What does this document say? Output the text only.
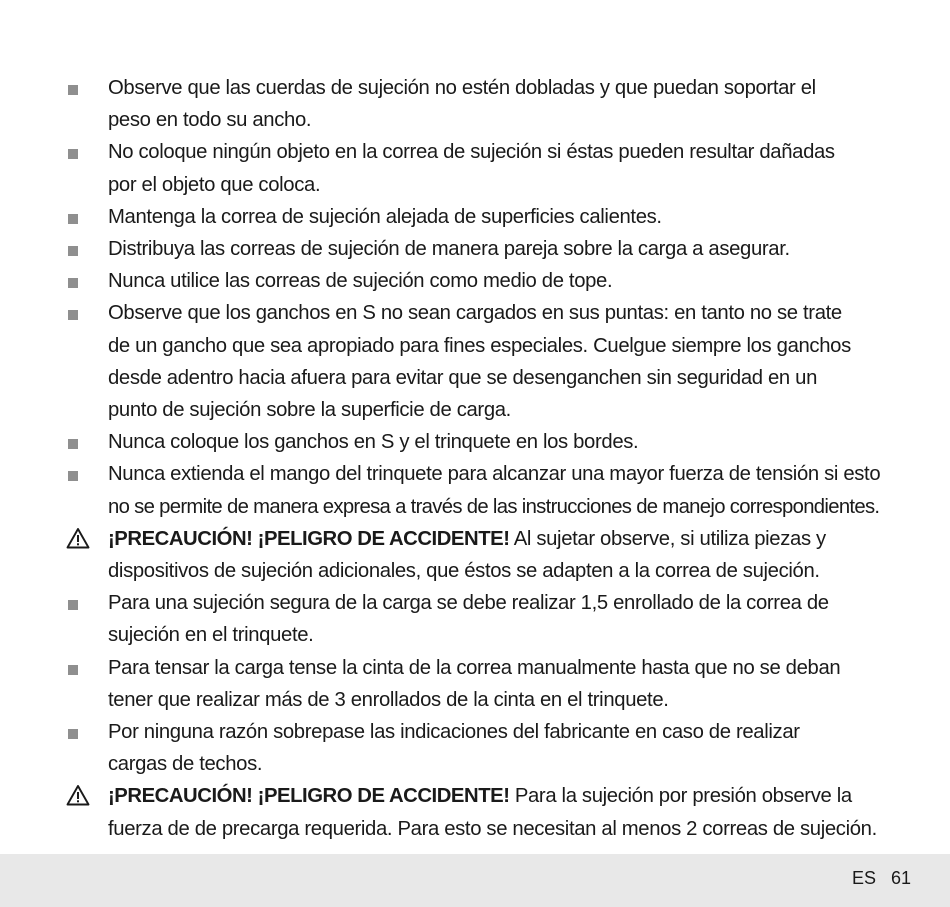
Observe que las cuerdas de sujeción no estén dobladas y que puedan soportar el
peso en todo su ancho.
No coloque ningún objeto en la correa de sujeción si éstas pueden resultar dañadas
por el objeto que coloca.
Mantenga la correa de sujeción alejada de superficies calientes.
Distribuya las correas de sujeción de manera pareja sobre la carga a asegurar.
Nunca utilice las correas de sujeción como medio de tope.
Observe que los ganchos en S no sean cargados en sus puntas: en tanto no se trate
de un gancho que sea apropiado para fines especiales. Cuelgue siempre los ganchos
desde adentro hacia afuera para evitar que se desenganchen sin seguridad en un
punto de sujeción sobre la superficie de carga.
Nunca coloque los ganchos en S y el trinquete en los bordes.
Nunca extienda el mango del trinquete para alcanzar una mayor fuerza de tensión si esto
no se permite de manera expresa a través de las instrucciones de manejo correspondientes.
¡PRECAUCIÓN! ¡PELIGRO DE ACCIDENTE! Al sujetar observe, si utiliza piezas y
dispositivos de sujeción adicionales, que éstos se adapten a la correa de sujeción.
Para una sujeción segura de la carga se debe realizar 1,5 enrollado de la correa de
sujeción en el trinquete.
Para tensar la carga tense la cinta de la correa manualmente hasta que no se deban
tener que realizar más de 3 enrollados de la cinta en el trinquete.
Por ninguna razón sobrepase las indicaciones del fabricante en caso de realizar
cargas de techos.
¡PRECAUCIÓN! ¡PELIGRO DE ACCIDENTE! Para la sujeción por presión observe la
fuerza de de precarga requerida. Para esto se necesitan al menos 2 correas de sujeción.
ES 61
